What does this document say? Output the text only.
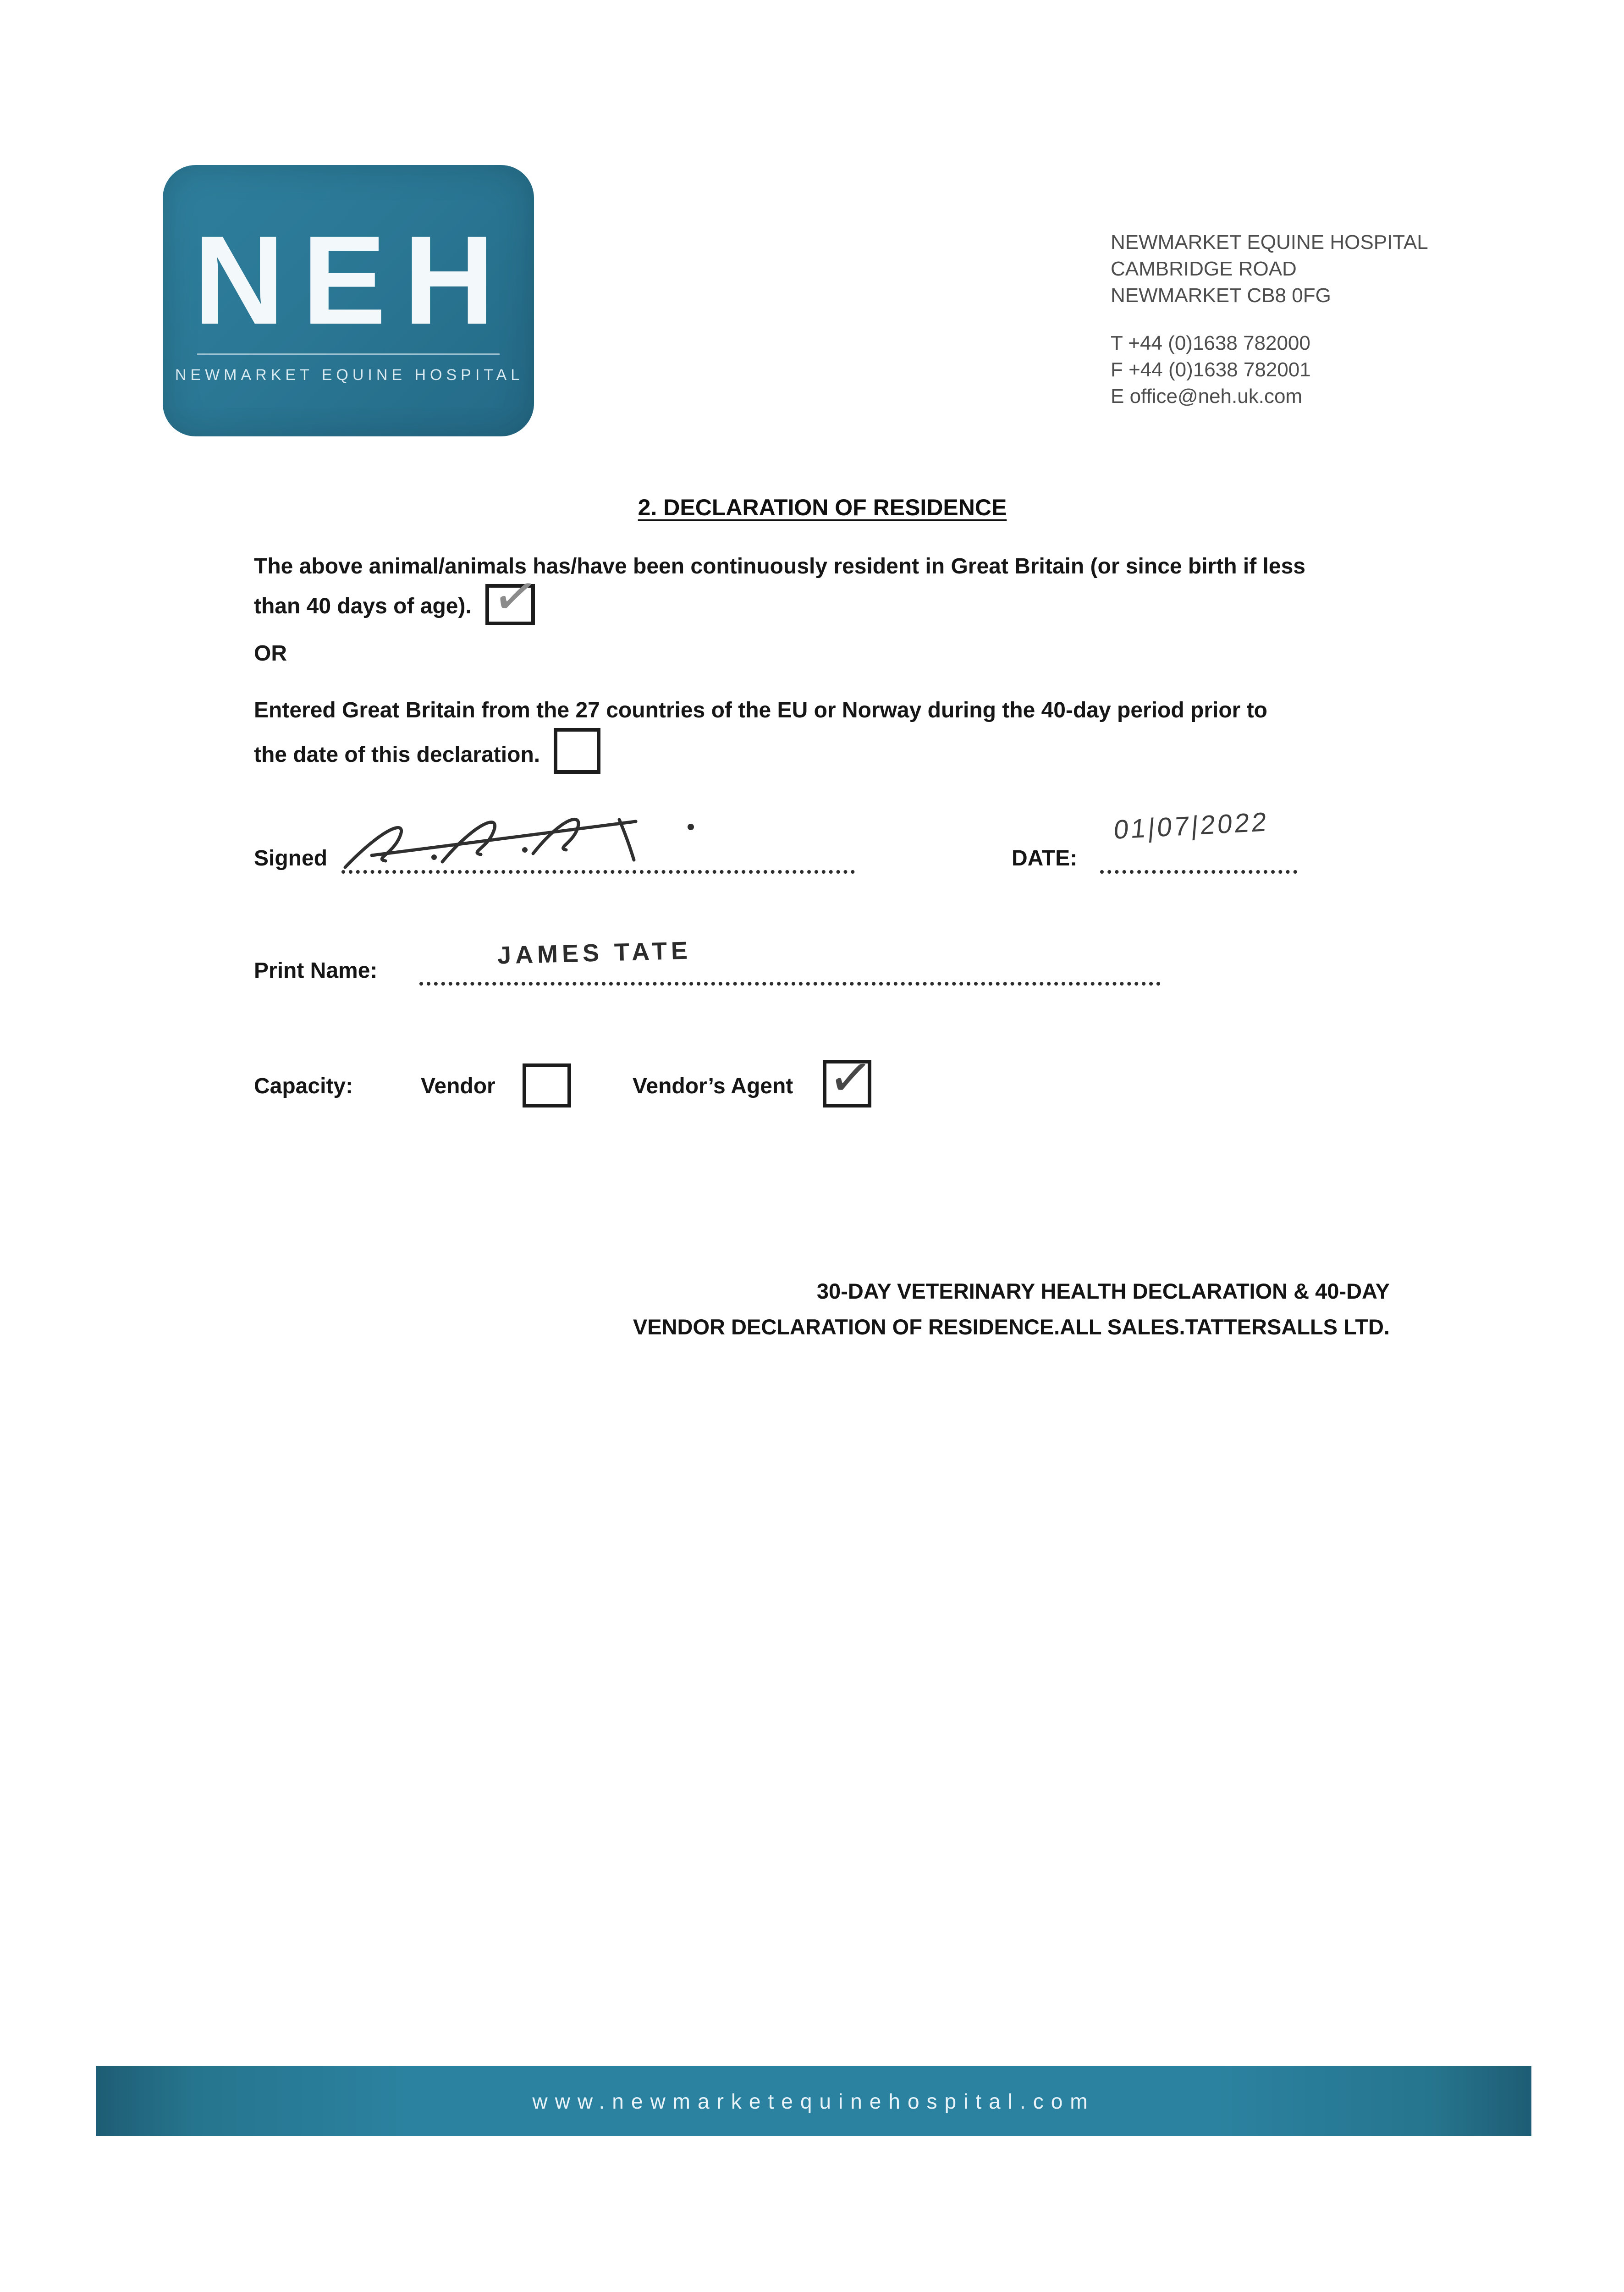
NEH
NEWMARKET EQUINE HOSPITAL
NEWMARKET EQUINE HOSPITAL
CAMBRIDGE ROAD
NEWMARKET CB8 0FG
T +44 (0)1638 782000
F +44 (0)1638 782001
E office@neh.uk.com
2. DECLARATION OF RESIDENCE
The above animal/animals has/have been continuously resident in Great Britain (or since birth if less
than 40 days of age). ✓
OR
Entered Great Britain from the 27 countries of the EU or Norway during the 40-day period prior to
the date of this declaration.
Signed	DATE:
01|07|2022
Print Name:
JAMES TATE
Capacity:	Vendor	Vendor’s Agent ✓
30-DAY VETERINARY HEALTH DECLARATION & 40-DAY
VENDOR DECLARATION OF RESIDENCE.ALL SALES.TATTERSALLS LTD.
www.newmarketequinehospital.com
